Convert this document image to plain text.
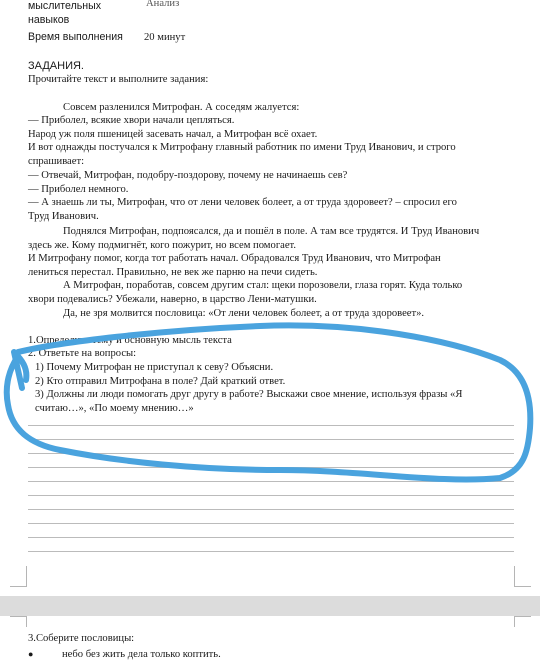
мыслительных	Анализ
навыков
Время выполнения 20 минут
ЗАДАНИЯ.
Прочитайте текст и выполните задания:
Совсем разленился Митрофан. А соседям жалуется:
— Приболел, всякие хвори начали цепляться.
Народ уж поля пшеницей засевать начал, а Митрофан всё охает.
И вот однажды постучался к Митрофану главный работник по имени Труд Иванович, и строго
спрашивает:
— Отвечай, Митрофан, подобру-поздорову, почему не начинаешь сев?
— Приболел немного.
— А знаешь ли ты, Митрофан, что от лени человек болеет, а от труда здоровеет? – спросил его
Труд Иванович.
Поднялся Митрофан, подпоясался, да и пошёл в поле. А там все трудятся. И Труд Иванович
здесь же. Кому подмигнёт, кого пожурит, но всем помогает.
И Митрофану помог, когда тот работать начал. Обрадовался Труд Иванович, что Митрофан
лениться перестал. Правильно, не век же парню на печи сидеть.
А Митрофан, поработав, совсем другим стал: щеки порозовели, глаза горят. Куда только
хвори подевались? Убежали, наверно, в царство Лени-матушки.
Да, не зря молвится пословица: «От лени человек болеет, а от труда здоровеет».
1.Определите тему и основную мысль текста
2. Ответьте на вопросы:
1) Почему Митрофан не приступал к севу? Объясни.
2) Кто отправил Митрофана в поле? Дай краткий ответ.
3) Должны ли люди помогать друг другу в работе? Выскажи свое мнение, используя фразы «Я
считаю…», «По моему мнению…»
3.Соберите пословицы:
●	небо без жить дела только коптить.
